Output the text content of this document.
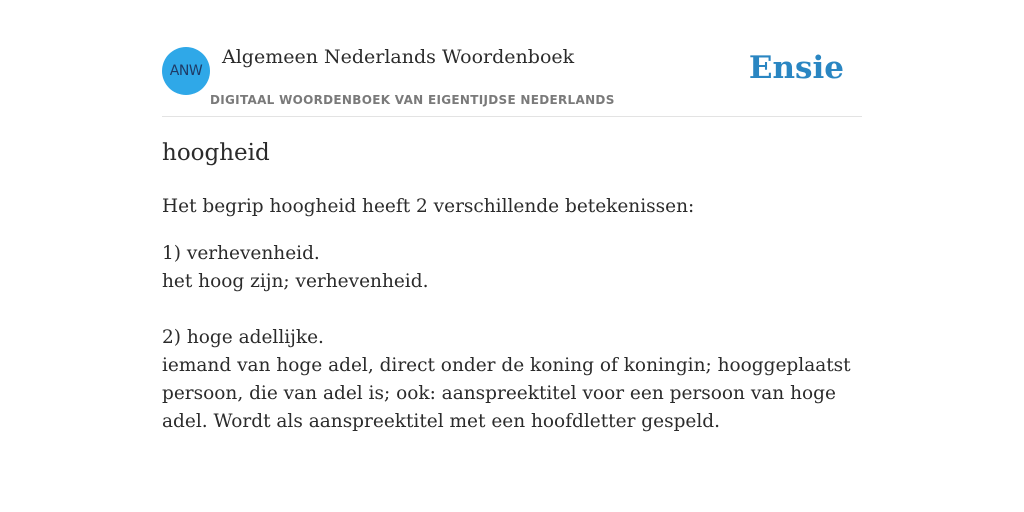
ANW
Algemeen Nederlands Woordenboek
DIGITAAL WOORDENBOEK VAN EIGENTIJDSE NEDERLANDS
Ensie
hoogheid

Het begrip hoogheid heeft 2 verschillende betekenissen:

1) verhevenheid.

het hoog zijn; verhevenheid.

2) hoge adellijke.

iemand van hoge adel, direct onder de koning of koningin; hooggeplaatst persoon, die van adel is; ook: aanspreektitel voor een persoon van hoge adel. Wordt als aanspreektitel met een hoofdletter gespeld.
